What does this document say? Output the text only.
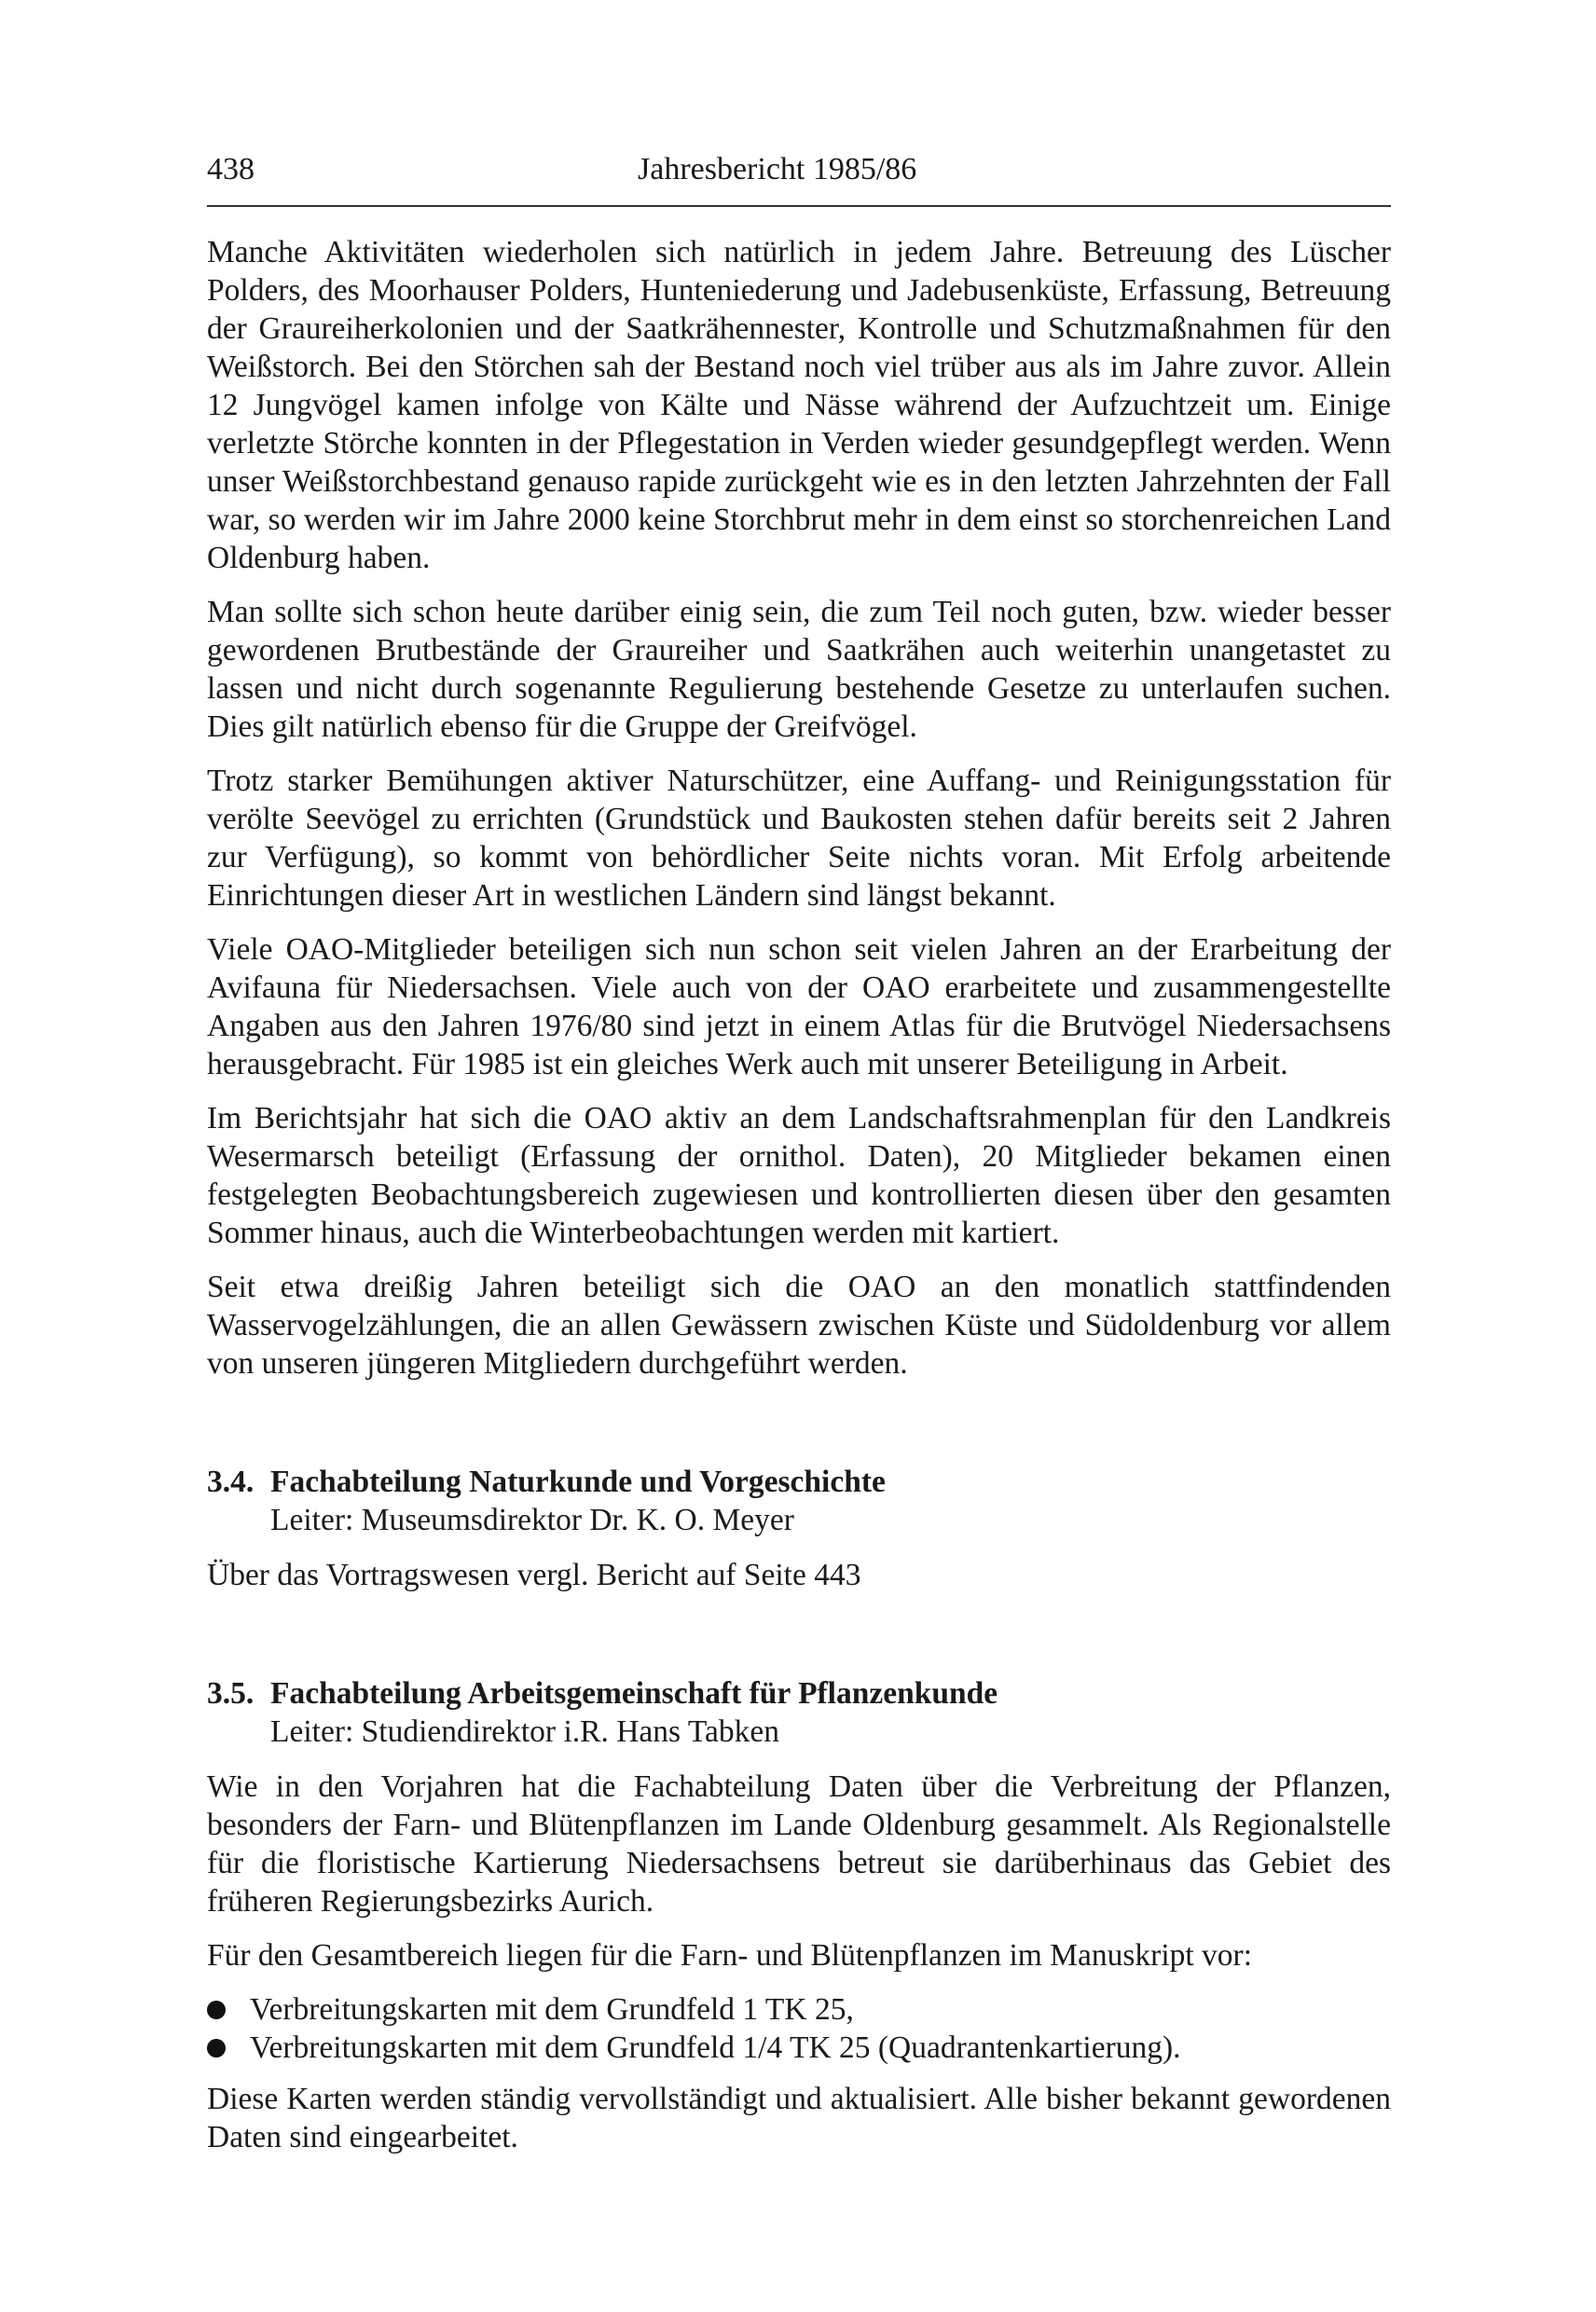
438	Jahresbericht 1985/86

Manche Aktivitäten wiederholen sich natürlich in jedem Jahre. Betreuung des Lüscher Polders, des Moorhauser Polders, Hunteniederung und Jadebusenküste, Erfassung, Betreuung der Graureiherkolonien und der Saatkrähennester, Kontrolle und Schutzmaßnahmen für den Weißstorch. Bei den Störchen sah der Bestand noch viel trüber aus als im Jahre zuvor. Allein 12 Jungvögel kamen infolge von Kälte und Nässe während der Aufzuchtzeit um. Einige verletzte Störche konnten in der Pflegestation in Verden wieder gesundgepflegt werden. Wenn unser Weißstorchbestand genauso rapide zurückgeht wie es in den letzten Jahrzehnten der Fall war, so werden wir im Jahre 2000 keine Storchbrut mehr in dem einst so storchenreichen Land Oldenburg haben.

Man sollte sich schon heute darüber einig sein, die zum Teil noch guten, bzw. wieder besser gewordenen Brutbestände der Graureiher und Saatkrähen auch weiterhin unangetastet zu lassen und nicht durch sogenannte Regulierung bestehende Gesetze zu unterlaufen suchen. Dies gilt natürlich ebenso für die Gruppe der Greifvögel.

Trotz starker Bemühungen aktiver Naturschützer, eine Auffang- und Reinigungsstation für verölte Seevögel zu errichten (Grundstück und Baukosten stehen dafür bereits seit 2 Jahren zur Verfügung), so kommt von behördlicher Seite nichts voran. Mit Erfolg arbeitende Einrichtungen dieser Art in westlichen Ländern sind längst bekannt.

Viele OAO-Mitglieder beteiligen sich nun schon seit vielen Jahren an der Erarbeitung der Avifauna für Niedersachsen. Viele auch von der OAO erarbeitete und zusammengestellte Angaben aus den Jahren 1976/80 sind jetzt in einem Atlas für die Brutvögel Niedersachsens herausgebracht. Für 1985 ist ein gleiches Werk auch mit unserer Beteiligung in Arbeit.

Im Berichtsjahr hat sich die OAO aktiv an dem Landschaftsrahmenplan für den Landkreis Wesermarsch beteiligt (Erfassung der ornithol. Daten), 20 Mitglieder bekamen einen festgelegten Beobachtungsbereich zugewiesen und kontrollierten diesen über den gesamten Sommer hinaus, auch die Winterbeobachtungen werden mit kartiert.

Seit etwa dreißig Jahren beteiligt sich die OAO an den monatlich stattfindenden Wasservogelzählungen, die an allen Gewässern zwischen Küste und Südoldenburg vor allem von unseren jüngeren Mitgliedern durchgeführt werden.

3.4. Fachabteilung Naturkunde und Vorgeschichte
Leiter: Museumsdirektor Dr. K. O. Meyer

Über das Vortragswesen vergl. Bericht auf Seite 443

3.5. Fachabteilung Arbeitsgemeinschaft für Pflanzenkunde
Leiter: Studiendirektor i.R. Hans Tabken

Wie in den Vorjahren hat die Fachabteilung Daten über die Verbreitung der Pflanzen, besonders der Farn- und Blütenpflanzen im Lande Oldenburg gesammelt. Als Regionalstelle für die floristische Kartierung Niedersachsens betreut sie darüberhinaus das Gebiet des früheren Regierungsbezirks Aurich.

Für den Gesamtbereich liegen für die Farn- und Blütenpflanzen im Manuskript vor:

Verbreitungskarten mit dem Grundfeld 1 TK 25,
Verbreitungskarten mit dem Grundfeld 1/4 TK 25 (Quadrantenkartierung).

Diese Karten werden ständig vervollständigt und aktualisiert. Alle bisher bekannt gewordenen Daten sind eingearbeitet.
